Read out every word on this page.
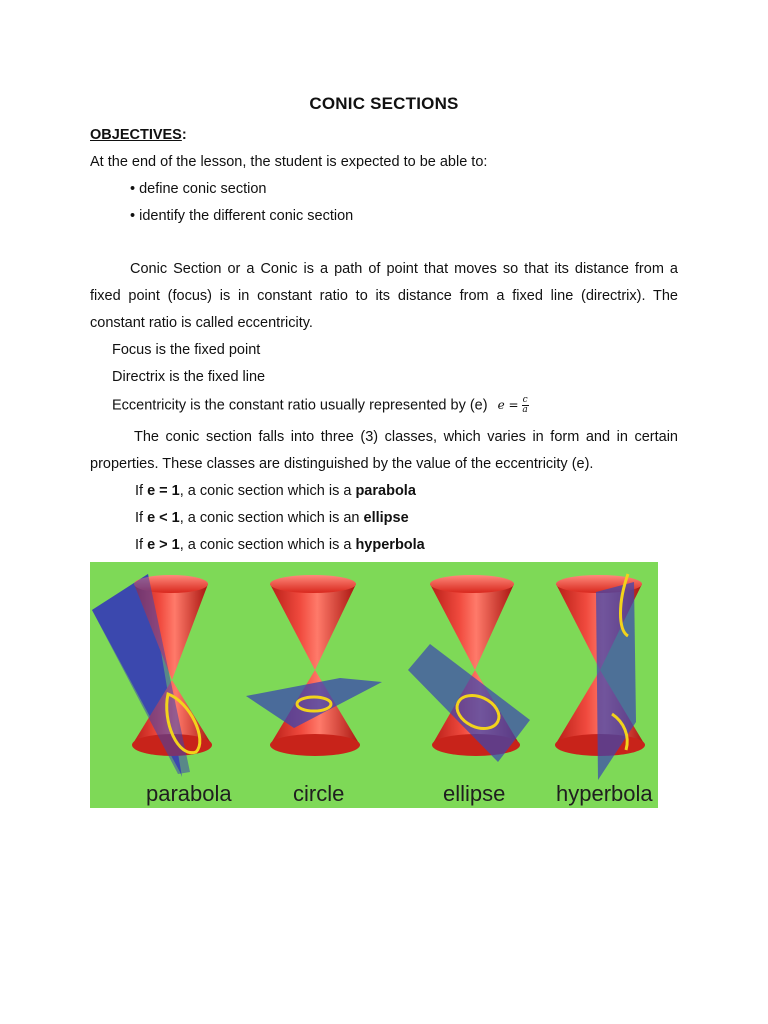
CONIC SECTIONS
OBJECTIVES:
At the end of the lesson, the student is expected to be able to:
• define conic section
• identify the different conic section
Conic Section or a Conic is a path of point that moves so that its distance from a
fixed point (focus) is in constant ratio to its distance from a fixed line (directrix). The
constant ratio is called eccentricity.
Focus is the fixed point
Directrix is the fixed line
Eccentricity is the constant ratio usually represented by (e) $e = \frac{c}{a}$
The conic section falls into three (3) classes, which varies in form and in certain
properties. These classes are distinguished by the value of the eccentricity (e).
If e = 1, a conic section which is a parabola
If e < 1, a conic section which is an ellipse
If e > 1, a conic section which is a hyperbola
parabola	circle	ellipse hyperbola
